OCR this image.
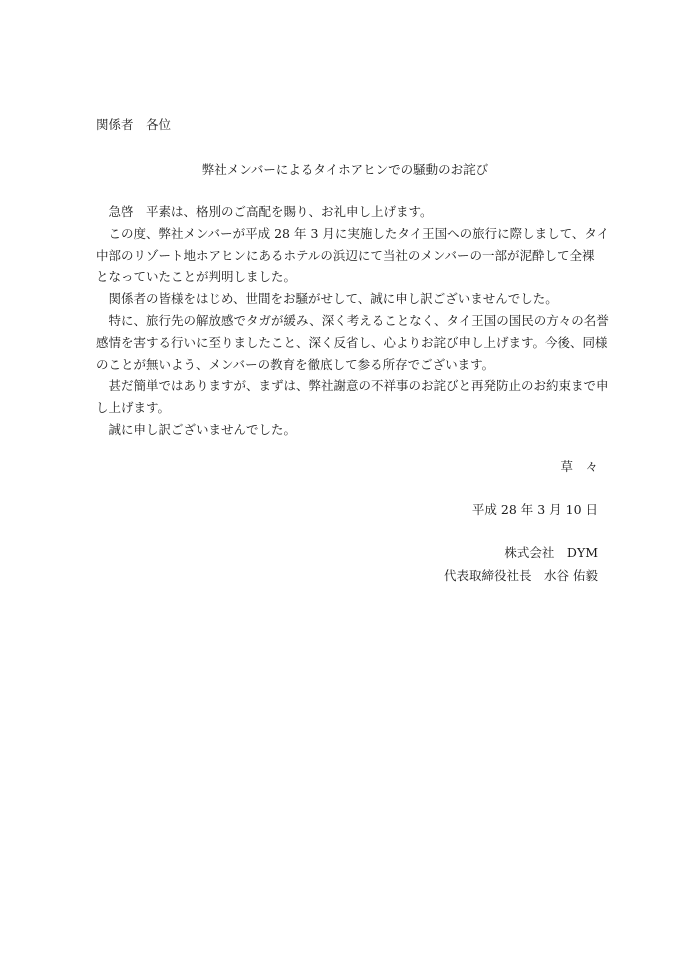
関係者　各位
弊社メンバーによるタイホアヒンでの騒動のお詫び

　急啓　平素は、格別のご高配を賜り、お礼申し上げます。

　この度、弊社メンバーが平成 28 年 3 月に実施したタイ王国への旅行に際しまして、タイ
中部のリゾート地ホアヒンにあるホテルの浜辺にて当社のメンバーの一部が泥酔して全裸
となっていたことが判明しました。

　関係者の皆様をはじめ、世間をお騒がせして、誠に申し訳ございませんでした。

　特に、旅行先の解放感でタガが緩み、深く考えることなく、タイ王国の国民の方々の名誉
感情を害する行いに至りましたこと、深く反省し、心よりお詫び申し上げます。今後、同様
のことが無いよう、メンバーの教育を徹底して参る所存でございます。

　甚だ簡単ではありますが、まずは、弊社謝意の不祥事のお詫びと再発防止のお約束まで申
し上げます。

　誠に申し訳ございませんでした。

草　々
平成 28 年 3 月 10 日
株式会社　DYM
代表取締役社長　水谷 佑毅
